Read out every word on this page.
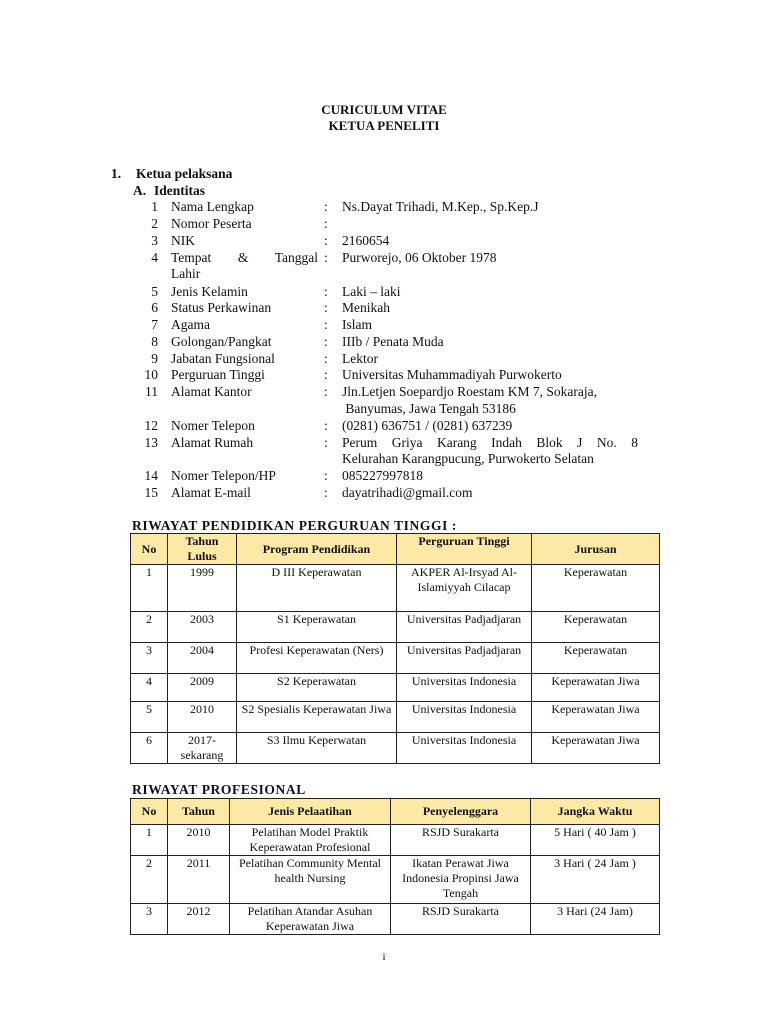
CURICULUM VITAE
KETUA PENELITI
1. Ketua pelaksana
A. Identitas
1 Nama Lengkap	: Ns.Dayat Trihadi, M.Kep., Sp.Kep.J
2 Nomor Peserta	:
3 NIK	: 2160654
4 Tempat & Tanggal : Purworejo, 06 Oktober 1978
Lahir
5 Jenis Kelamin	: Laki – laki
6 Status Perkawinan	: Menikah
7 Agama	: Islam
8 Golongan/Pangkat	: IIIb / Penata Muda
9 Jabatan Fungsional	: Lektor
10 Perguruan Tinggi	: Universitas Muhammadiyah Purwokerto
11 Alamat Kantor	: Jln.Letjen Soepardjo Roestam KM 7, Sokaraja,
Banyumas, Jawa Tengah 53186
12 Nomer Telepon	: (0281) 636751 / (0281) 637239
13 Alamat Rumah	: Perum Griya Karang Indah Blok J No. 8
Kelurahan Karangpucung, Purwokerto Selatan
14 Nomer Telepon/HP	: 085227997818
15 Alamat E-mail	: dayatrihadi@gmail.com
RIWAYAT PENDIDIKAN PERGURUAN TINGGI :
No	Tahun Lulus	Program Pendidikan	Perguruan Tinggi	Jurusan
1	1999	D III Keperawatan	AKPER Al-Irsyad Al-Islamiyyah Cilacap	Keperawatan
2	2003	S1 Keperawatan	Universitas Padjadjaran	Keperawatan
3	2004	Profesi Keperawatan (Ners)	Universitas Padjadjaran	Keperawatan
4	2009	S2 Keperawatan	Universitas Indonesia	Keperawatan Jiwa
5	2010	S2 Spesialis Keperawatan Jiwa	Universitas Indonesia	Keperawatan Jiwa
6	2017-sekarang	S3 Ilmu Keperwatan	Universitas Indonesia	Keperawatan Jiwa
RIWAYAT PROFESIONAL
No	Tahun	Jenis Pelaatihan	Penyelenggara	Jangka Waktu
1	2010	Pelatihan Model Praktik Keperawatan Profesional	RSJD Surakarta	5 Hari ( 40 Jam )
2	2011	Pelatihan Community Mental health Nursing	Ikatan Perawat Jiwa Indonesia Propinsi Jawa Tengah	3 Hari ( 24 Jam )
3	2012	Pelatihan Atandar Asuhan Keperawatan Jiwa	RSJD Surakarta	3 Hari (24 Jam)
i
